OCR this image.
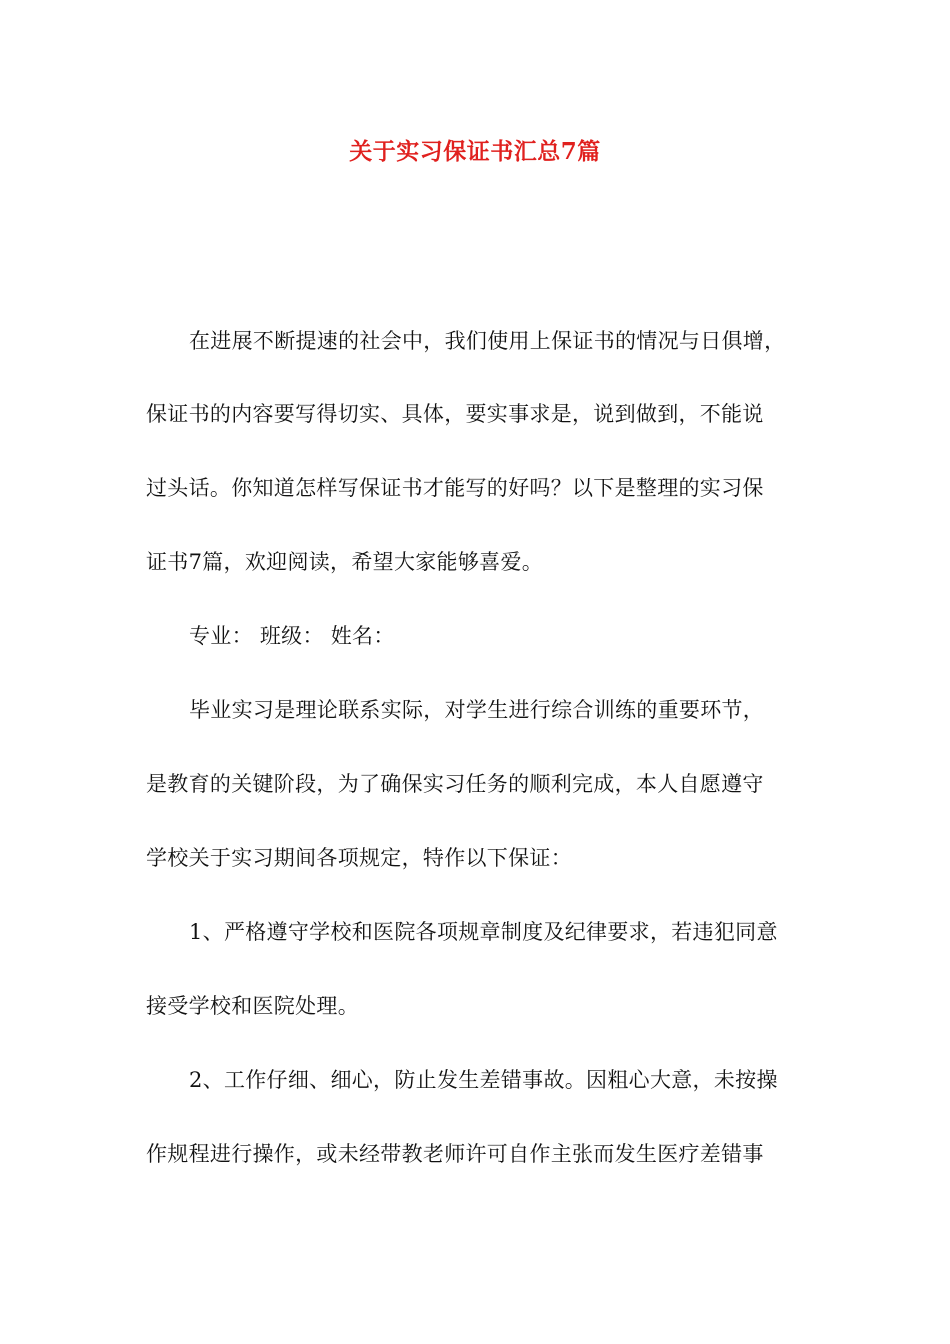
关于实习保证书汇总7篇
在进展不断提速的社会中，我们使用上保证书的情况与日俱增，
保证书的内容要写得切实、具体，要实事求是，说到做到，不能说
过头话。你知道怎样写保证书才能写的好吗？以下是整理的实习保
证书7篇，欢迎阅读，希望大家能够喜爱。
专业： 班级： 姓名：
毕业实习是理论联系实际，对学生进行综合训练的重要环节，
是教育的关键阶段，为了确保实习任务的顺利完成，本人自愿遵守
学校关于实习期间各项规定，特作以下保证：
1、严格遵守学校和医院各项规章制度及纪律要求，若违犯同意
接受学校和医院处理。
2、工作仔细、细心，防止发生差错事故。因粗心大意，未按操
作规程进行操作，或未经带教老师许可自作主张而发生医疗差错事
